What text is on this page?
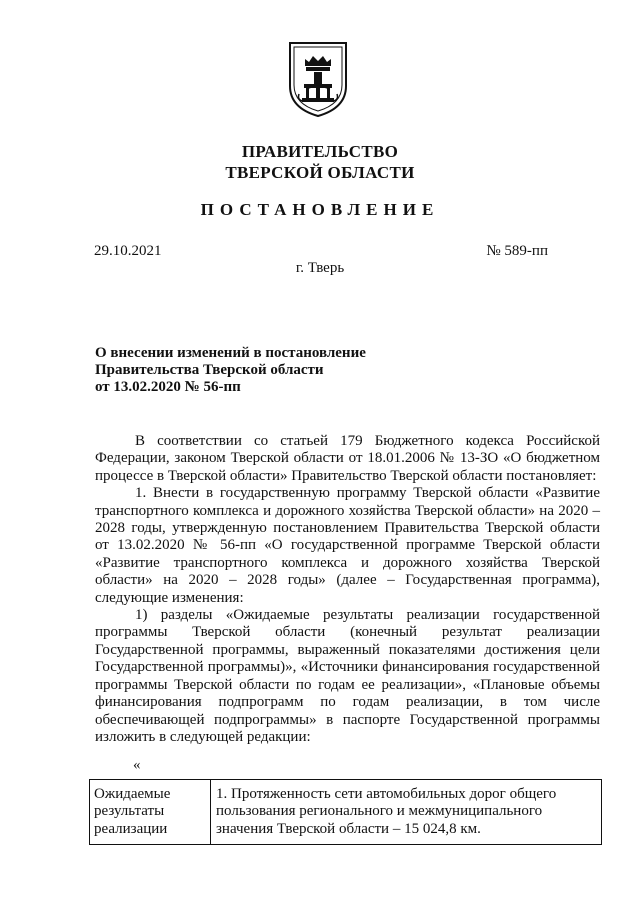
ПРАВИТЕЛЬСТВО
ТВЕРСКОЙ ОБЛАСТИ
ПОСТАНОВЛЕНИЕ
29.10.2021	№ 589-пп
г. Тверь
О внесении изменений в постановление
Правительства Тверской области
от 13.02.2020 № 56-пп
В соответствии со статьей 179 Бюджетного кодекса Российской Федерации, законом Тверской области от 18.01.2006 № 13-ЗО «О бюджетном процессе в Тверской области» Правительство Тверской области постановляет:
1. Внести в государственную программу Тверской области «Развитие транспортного комплекса и дорожного хозяйства Тверской области» на 2020 – 2028 годы, утвержденную постановлением Правительства Тверской области от 13.02.2020 № 56-пп «О государственной программе Тверской области «Развитие транспортного комплекса и дорожного хозяйства Тверской области» на 2020 – 2028 годы» (далее – Государственная программа), следующие изменения:
1) разделы «Ожидаемые результаты реализации государственной программы Тверской области (конечный результат реализации Государственной программы, выраженный показателями достижения цели Государственной программы)», «Источники финансирования государственной программы Тверской области по годам ее реализации», «Плановые объемы финансирования подпрограмм по годам реализации, в том числе обеспечивающей подпрограммы» в паспорте Государственной программы изложить в следующей редакции:
«
Ожидаемые
результаты
реализации

1. Протяженность сети автомобильных дорог общего
пользования регионального и межмуниципального
значения Тверской области – 15 024,8 км.
